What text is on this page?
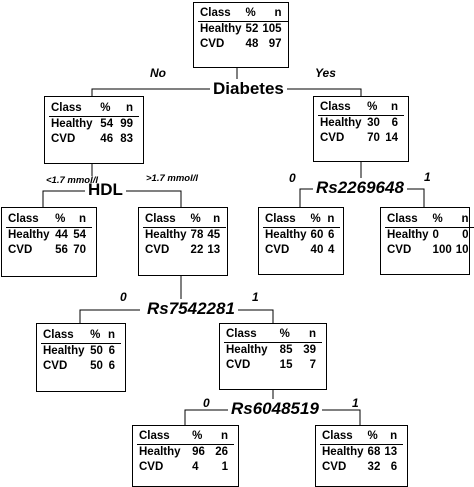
Class	%	n
Healthy	52	105
CVD	48	97
Class	%	n
Healthy	54	99
CVD	46	83
Class	%	n
Healthy	30	6
CVD	70	14
Class	%	n
Healthy	44	54
CVD	56	70
Class	%	n
Healthy	78	45
CVD	22	13
Class	%	n
Healthy	60	6
CVD	40	4
Class	%	n
Healthy	0	0
CVD	100	10
Class	%	n
Healthy	50	6
CVD	50	6
Class	%	n
Healthy	85	39
CVD	15	7
Class	%	n
Healthy	96	26
CVD	4	1
Class	%	n
Healthy	68	13
CVD	32	6
Diabetes
HDL	Rs2269648
Rs7542281
Rs6048519
No	Yes
<1.7 mmol/l	>1.7 mmol/l	0	1
0	1
0	1
